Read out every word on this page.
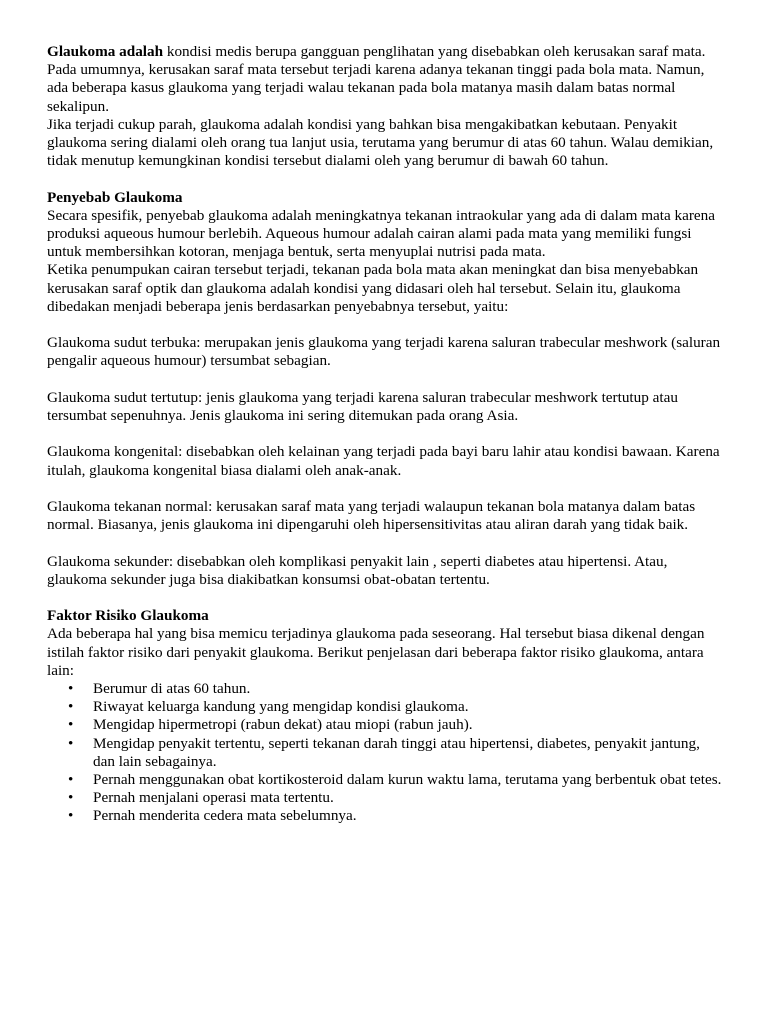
Glaukoma adalah kondisi medis berupa gangguan penglihatan yang disebabkan oleh kerusakan saraf mata. Pada umumnya, kerusakan saraf mata tersebut terjadi karena adanya tekanan tinggi pada bola mata. Namun, ada beberapa kasus glaukoma yang terjadi walau tekanan pada bola matanya masih dalam batas normal sekalipun.

Jika terjadi cukup parah, glaukoma adalah kondisi yang bahkan bisa mengakibatkan kebutaan. Penyakit glaukoma sering dialami oleh orang tua lanjut usia, terutama yang berumur di atas 60 tahun. Walau demikian, tidak menutup kemungkinan kondisi tersebut dialami oleh yang berumur di bawah 60 tahun.

Penyebab Glaukoma

Secara spesifik, penyebab glaukoma adalah meningkatnya tekanan intraokular yang ada di dalam mata karena produksi aqueous humour berlebih. Aqueous humour adalah cairan alami pada mata yang memiliki fungsi untuk membersihkan kotoran, menjaga bentuk, serta menyuplai nutrisi pada mata.

Ketika penumpukan cairan tersebut terjadi, tekanan pada bola mata akan meningkat dan bisa menyebabkan kerusakan saraf optik dan glaukoma adalah kondisi yang didasari oleh hal tersebut. Selain itu, glaukoma dibedakan menjadi beberapa jenis berdasarkan penyebabnya tersebut, yaitu:

Glaukoma sudut terbuka: merupakan jenis glaukoma yang terjadi karena saluran trabecular meshwork (saluran pengalir aqueous humour) tersumbat sebagian.

Glaukoma sudut tertutup: jenis glaukoma yang terjadi karena saluran trabecular meshwork tertutup atau tersumbat sepenuhnya. Jenis glaukoma ini sering ditemukan pada orang Asia.

Glaukoma kongenital: disebabkan oleh kelainan yang terjadi pada bayi baru lahir atau kondisi bawaan. Karena itulah, glaukoma kongenital biasa dialami oleh anak-anak.

Glaukoma tekanan normal: kerusakan saraf mata yang terjadi walaupun tekanan bola matanya dalam batas normal. Biasanya, jenis glaukoma ini dipengaruhi oleh hipersensitivitas atau aliran darah yang tidak baik.

Glaukoma sekunder: disebabkan oleh komplikasi penyakit lain , seperti diabetes atau hipertensi. Atau, glaukoma sekunder juga bisa diakibatkan konsumsi obat-obatan tertentu.

Faktor Risiko Glaukoma

Ada beberapa hal yang bisa memicu terjadinya glaukoma pada seseorang. Hal tersebut biasa dikenal dengan istilah faktor risiko dari penyakit glaukoma. Berikut penjelasan dari beberapa faktor risiko glaukoma, antara lain:

• Berumur di atas 60 tahun.
• Riwayat keluarga kandung yang mengidap kondisi glaukoma.
• Mengidap hipermetropi (rabun dekat) atau miopi (rabun jauh).
• Mengidap penyakit tertentu, seperti tekanan darah tinggi atau hipertensi, diabetes, penyakit jantung, dan lain sebagainya.
• Pernah menggunakan obat kortikosteroid dalam kurun waktu lama, terutama yang berbentuk obat tetes.
• Pernah menjalani operasi mata tertentu.
• Pernah menderita cedera mata sebelumnya.
